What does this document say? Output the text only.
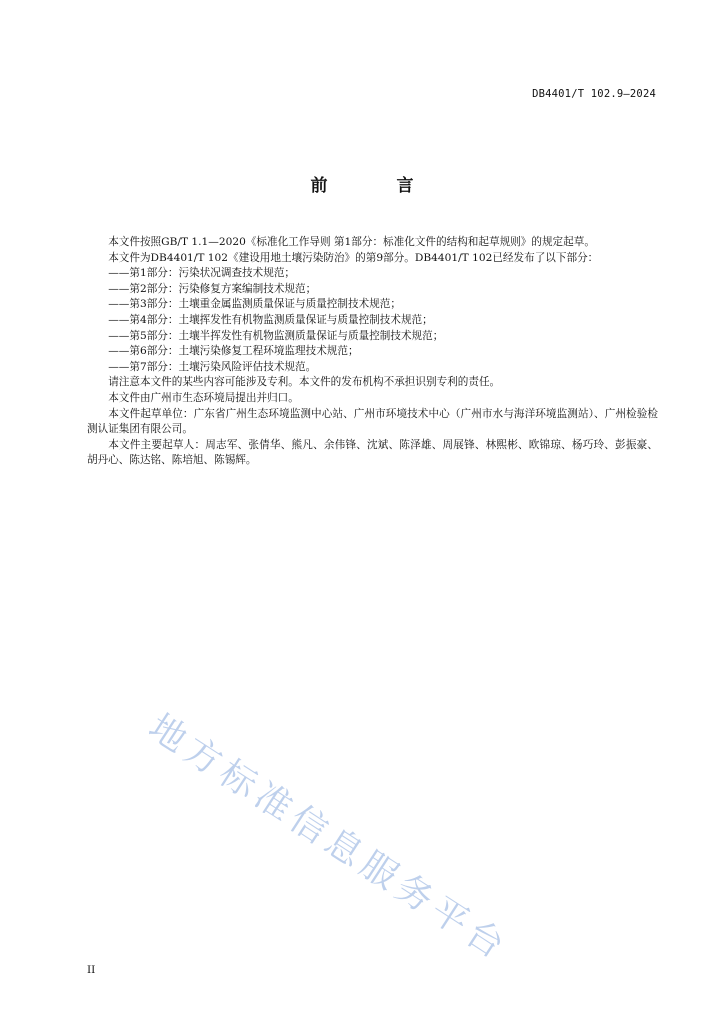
DB4401/T 102.9—2024
前　言

本文件按照GB/T 1.1—2020《标准化工作导则 第1部分：标准化文件的结构和起草规则》的规定起草。

本文件为DB4401/T 102《建设用地土壤污染防治》的第9部分。DB4401/T 102已经发布了以下部分：

——第1部分：污染状况调查技术规范；

——第2部分：污染修复方案编制技术规范；

——第3部分：土壤重金属监测质量保证与质量控制技术规范；

——第4部分：土壤挥发性有机物监测质量保证与质量控制技术规范；

——第5部分：土壤半挥发性有机物监测质量保证与质量控制技术规范；

——第6部分：土壤污染修复工程环境监理技术规范；

——第7部分：土壤污染风险评估技术规范。

请注意本文件的某些内容可能涉及专利。本文件的发布机构不承担识别专利的责任。

本文件由广州市生态环境局提出并归口。

本文件起草单位：广东省广州生态环境监测中心站、广州市环境技术中心（广州市水与海洋环境监测站）、广州检验检测认证集团有限公司。

本文件主要起草人：周志军、张倩华、熊凡、余伟锋、沈斌、陈泽雄、周展锋、林熙彬、欧锦琼、杨巧玲、彭振豪、胡丹心、陈达铭、陈培旭、陈锡辉。

地方标准信息服务平台
II
